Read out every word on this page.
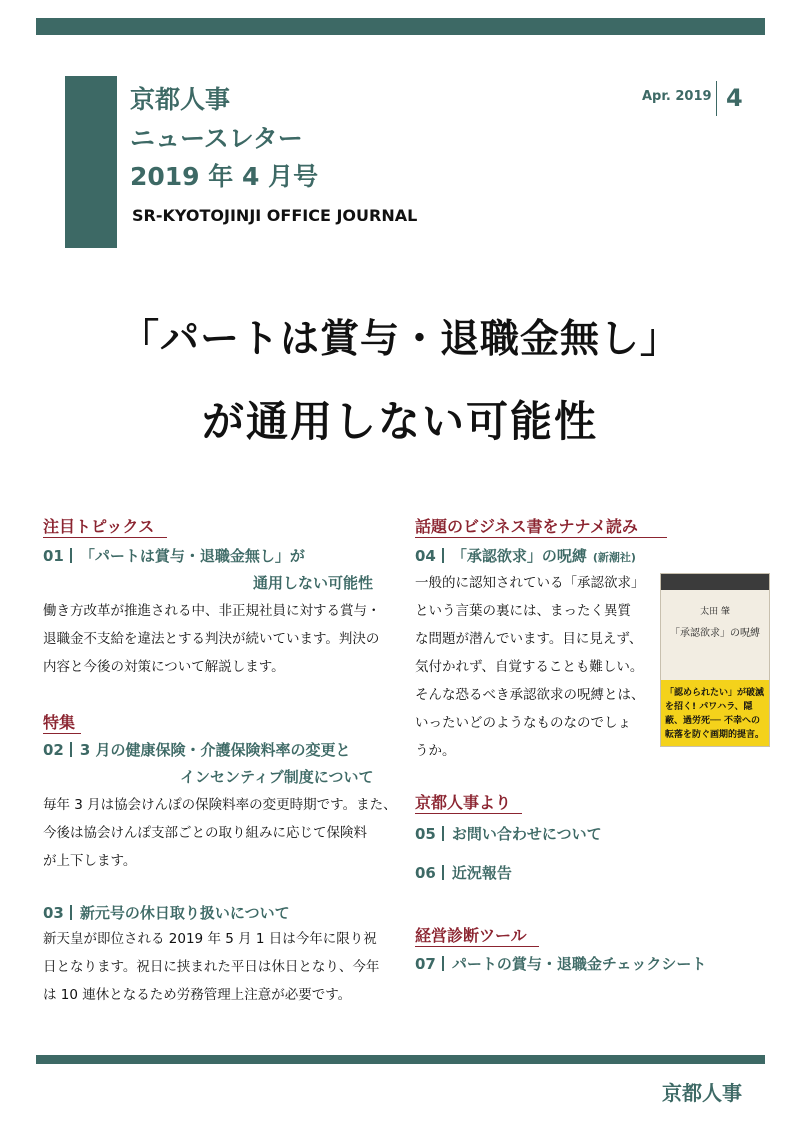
京都人事
ニュースレター
2019 年 4 月号
SR-KYOTOJINJI OFFICE JOURNAL
Apr. 2019 4
「パートは賞与・退職金無し」
が通用しない可能性
注目トピックス
01 「パートは賞与・退職金無し」が
通用しない可能性
働き方改革が推進される中、非正規社員に対する賞与・
退職金不支給を違法とする判決が続いています。判決の
内容と今後の対策について解説します。
特集
02 3 月の健康保険・介護保険料率の変更と
インセンティブ制度について
毎年 3 月は協会けんぽの保険料率の変更時期です。また、
今後は協会けんぽ支部ごとの取り組みに応じて保険料
が上下します。
03 新元号の休日取り扱いについて
新天皇が即位される 2019 年 5 月 1 日は今年に限り祝
日となります。祝日に挟まれた平日は休日となり、今年
は 10 連休となるため労務管理上注意が必要です。
話題のビジネス書をナナメ読み
04 「承認欲求」の呪縛 (新潮社)
一般的に認知されている「承認欲求」
という言葉の裏には、まったく異質
な問題が潜んでいます。目に見えず、
気付かれず、自覚することも難しい。
そんな恐るべき承認欲求の呪縛とは、
いったいどのようなものなのでしょ
うか。
太田 肇
「承認欲求」の呪縛
「認められたい」が破滅を招く! パワハラ、隠蔽、過労死── 不幸への転落を防ぐ画期的提言。
京都人事より
05 お問い合わせについて
06 近況報告
経営診断ツール
07 パートの賞与・退職金チェックシート
京都人事
